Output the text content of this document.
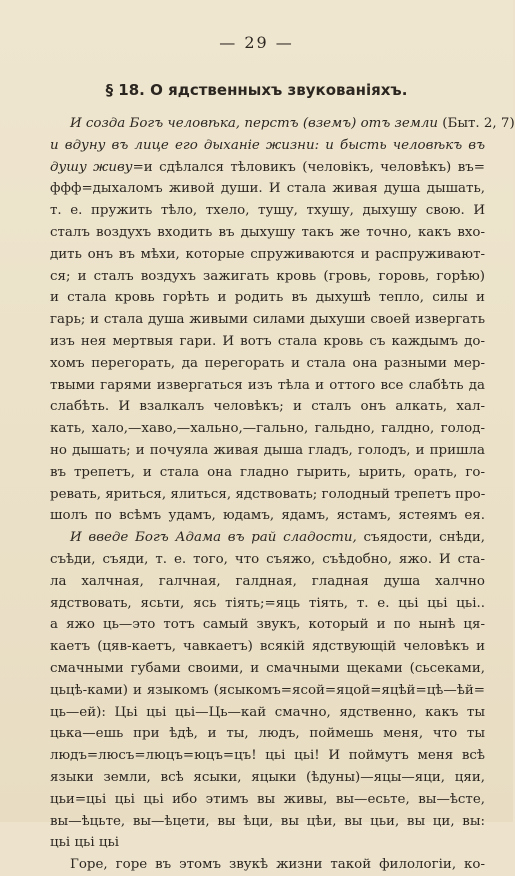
— 29 —
§ 18. О ядственныхъ звукованіяхъ.
И созда Богъ человѣка, перстъ (вземъ) отъ земли (Быт. 2, 7)
и вдуну въ лице его дыханіе жизни: и бысть человѣкъ въ
душу живу=и сдѣлался тѣловикъ (человікъ, человѣкъ) въ=
ффф=дыхаломъ живой души. И стала живая душа дышать,
т. е. пружить тѣло, тхело, тушу, тхушу, дыхушу свою. И
сталъ воздухъ входить въ дыхушу такъ же точно, какъ вхо-
дить онъ въ мѣхи, которые спруживаются и распруживают-
ся; и сталъ воздухъ зажигать кровь (гровь, горовь, горѣю)
и стала кровь горѣть и родить въ дыхушѣ тепло, силы и
гарь; и стала душа живыми силами дыхуши своей извергать
изъ нея мертвыя гари. И вотъ стала кровь съ каждымъ до-
хомъ перегорать, да перегорать и стала она разными мер-
твыми гарями извергаться изъ тѣла и оттого все слабѣть да
слабѣть. И взалкалъ человѣкъ; и сталъ онъ алкать, хал-
кать, хало,—хаво,—хально,—гально, гальдно, галдно, голод-
но дышать; и почуяла живая дыша гладъ, голодъ, и пришла
въ трепетъ, и стала она гладно гырить, ырить, орать, го-
ревать, яриться, ялиться, ядствовать; голодный трепетъ про-
шолъ по всѣмъ удамъ, юдамъ, ядамъ, ястамъ, ястеямъ ея.
И введе Богъ Адама въ рай сладости, съядости, снѣди,
съѣди, съяди, т. е. того, что съяжо, съѣдобно, яжо. И ста-
ла халчная, галчная, галдная, гладная душа халчно
ядствовать, ясьти, ясь тіять;=яць тіять, т. е. цьі цьі цьі..
а яжо ць—это тотъ самый звукъ, который и по нынѣ ця-
каетъ (цяв-каетъ, чавкаетъ) всякій ядствующій человѣкъ и
смачными губами своими, и смачными щеками (сьсеками,
цьцѣ-ками) и языкомъ (ясыкомъ=ясой=яцой=яцѣй=цѣ—ѣй=
ць—ей): Цьі цьі цьі—Ць—кай смачно, ядственно, какъ ты
цька—ешь при ѣдѣ, и ты, людъ, поймешь меня, что ты
людъ=люсъ=люцъ=юцъ=цъ! цьі цьі! И поймутъ меня всѣ
языки земли, всѣ ясыки, яцыки (ѣдуны)—яцы—яци, цяи,
цьи=цьі цьі цьі ибо этимъ вы живы, вы—есьте, вы—ѣсте,
вы—ѣцьте, вы—ѣцети, вы ѣци, вы цѣи, вы цьи, вы ци, вы:
цьі цьі цьі
Горе, горе въ этомъ звукѣ жизни такой филологіи, ко-
